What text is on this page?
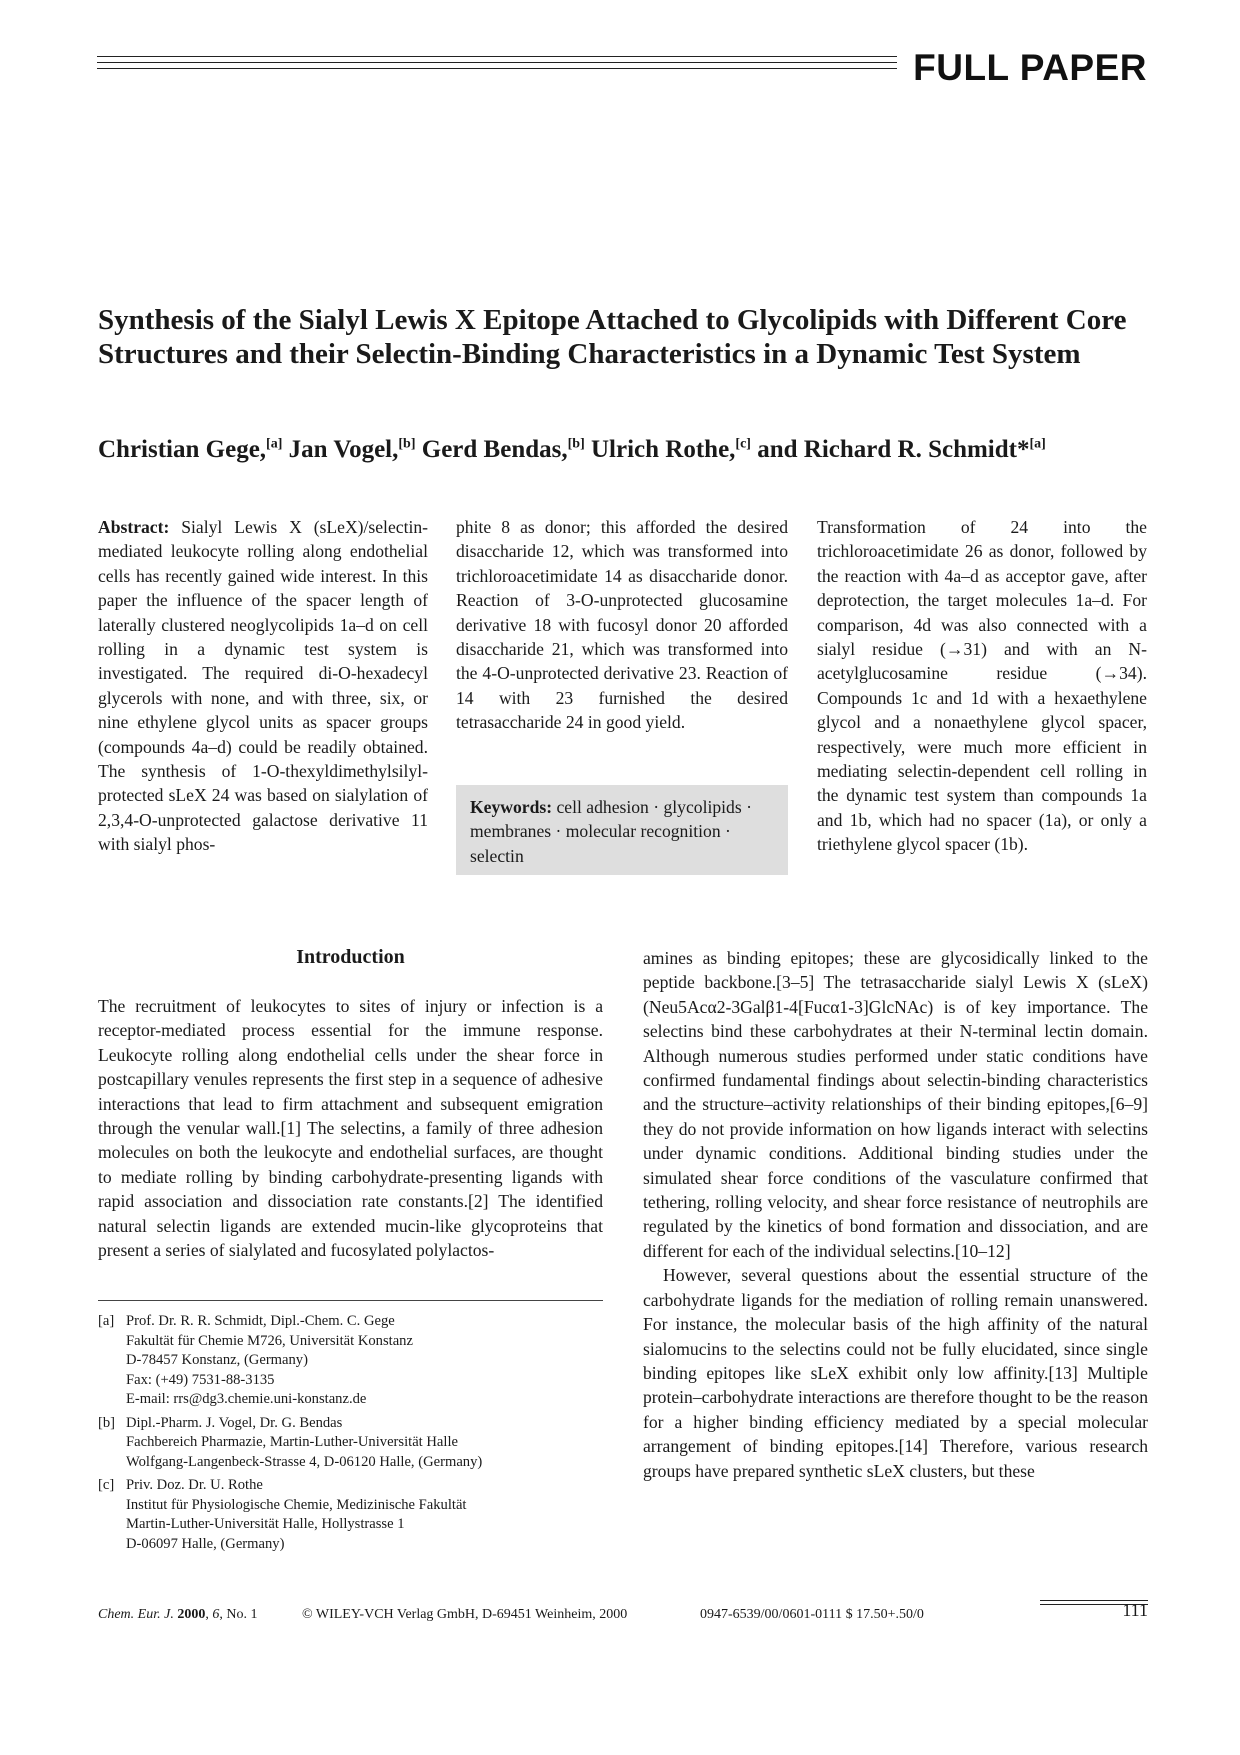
FULL PAPER
Synthesis of the Sialyl Lewis X Epitope Attached to Glycolipids with Different Core Structures and their Selectin-Binding Characteristics in a Dynamic Test System
Christian Gege,[a] Jan Vogel,[b] Gerd Bendas,[b] Ulrich Rothe,[c] and Richard R. Schmidt*[a]
Abstract: Sialyl Lewis X (sLeX)/selectin-mediated leukocyte rolling along endothelial cells has recently gained wide interest. In this paper the influence of the spacer length of laterally clustered neoglycolipids 1a–d on cell rolling in a dynamic test system is investigated. The required di-O-hexadecyl glycerols with none, and with three, six, or nine ethylene glycol units as spacer groups (compounds 4a–d) could be readily obtained. The synthesis of 1-O-thexyldimethylsilyl-protected sLeX 24 was based on sialylation of 2,3,4-O-unprotected galactose derivative 11 with sialyl phos-
phite 8 as donor; this afforded the desired disaccharide 12, which was transformed into trichloroacetimidate 14 as disaccharide donor. Reaction of 3-O-unprotected glucosamine derivative 18 with fucosyl donor 20 afforded disaccharide 21, which was transformed into the 4-O-unprotected derivative 23. Reaction of 14 with 23 furnished the desired tetrasaccharide 24 in good yield.
Transformation of 24 into the trichloroacetimidate 26 as donor, followed by the reaction with 4a–d as acceptor gave, after deprotection, the target molecules 1a–d. For comparison, 4d was also connected with a sialyl residue (→31) and with an N-acetylglucosamine residue (→34). Compounds 1c and 1d with a hexaethylene glycol and a nonaethylene glycol spacer, respectively, were much more efficient in mediating selectin-dependent cell rolling in the dynamic test system than compounds 1a and 1b, which had no spacer (1a), or only a triethylene glycol spacer (1b).
Keywords: cell adhesion · glycolipids · membranes · molecular recognition · selectin
Introduction
The recruitment of leukocytes to sites of injury or infection is a receptor-mediated process essential for the immune response. Leukocyte rolling along endothelial cells under the shear force in postcapillary venules represents the first step in a sequence of adhesive interactions that lead to firm attachment and subsequent emigration through the venular wall.[1] The selectins, a family of three adhesion molecules on both the leukocyte and endothelial surfaces, are thought to mediate rolling by binding carbohydrate-presenting ligands with rapid association and dissociation rate constants.[2] The identified natural selectin ligands are extended mucin-like glycoproteins that present a series of sialylated and fucosylated polylactos-

amines as binding epitopes; these are glycosidically linked to the peptide backbone.[3–5] The tetrasaccharide sialyl Lewis X (sLeX) (Neu5Acα2-3Galβ1-4[Fucα1-3]GlcNAc) is of key importance. The selectins bind these carbohydrates at their N-terminal lectin domain. Although numerous studies performed under static conditions have confirmed fundamental findings about selectin-binding characteristics and the structure–activity relationships of their binding epitopes,[6–9] they do not provide information on how ligands interact with selectins under dynamic conditions. Additional binding studies under the simulated shear force conditions of the vasculature confirmed that tethering, rolling velocity, and shear force resistance of neutrophils are regulated by the kinetics of bond formation and dissociation, and are different for each of the individual selectins.[10–12]

However, several questions about the essential structure of the carbohydrate ligands for the mediation of rolling remain unanswered. For instance, the molecular basis of the high affinity of the natural sialomucins to the selectins could not be fully elucidated, since single binding epitopes like sLeX exhibit only low affinity.[13] Multiple protein–carbohydrate interactions are therefore thought to be the reason for a higher binding efficiency mediated by a special molecular arrangement of binding epitopes.[14] Therefore, various research groups have prepared synthetic sLeX clusters, but these

[a] Prof. Dr. R. R. Schmidt, Dipl.-Chem. C. Gege
Fakultät für Chemie M726, Universität Konstanz
D-78457 Konstanz, (Germany)
Fax: (+49) 7531-88-3135
E-mail: rrs@dg3.chemie.uni-konstanz.de
[b] Dipl.-Pharm. J. Vogel, Dr. G. Bendas
Fachbereich Pharmazie, Martin-Luther-Universität Halle
Wolfgang-Langenbeck-Strasse 4, D-06120 Halle, (Germany)
[c] Priv. Doz. Dr. U. Rothe
Institut für Physiologische Chemie, Medizinische Fakultät
Martin-Luther-Universität Halle, Hollystrasse 1
D-06097 Halle, (Germany)
Chem. Eur. J. 2000, 6, No. 1	© WILEY-VCH Verlag GmbH, D-69451 Weinheim, 2000	0947-6539/00/0601-0111 $ 17.50+.50/0	111
